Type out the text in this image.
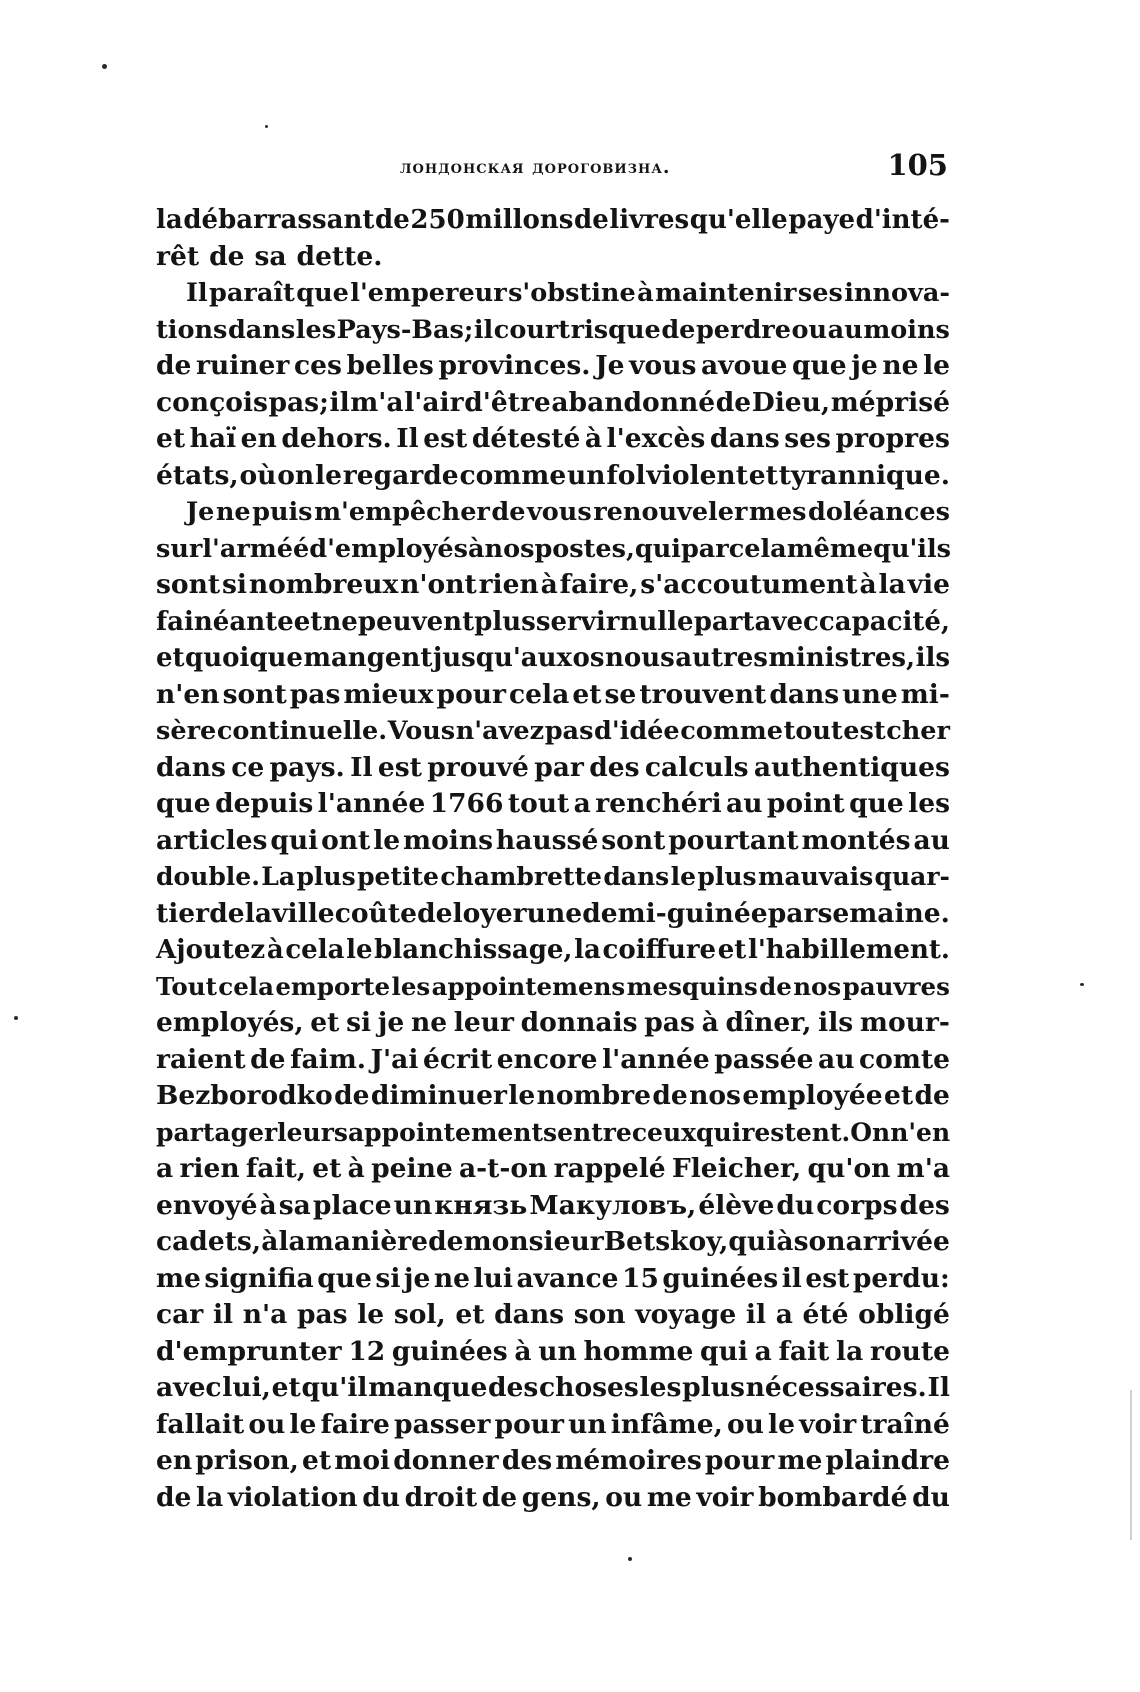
лондонская дороговизна.	105
la débarrassant de 250 millons de livres qu'elle paye d'inté-
rêt de sa dette.
Il paraît que l'empereur s'obstine à maintenir ses innova-
tions dans les Pays-Bas; il court risque de perdre ou au moins
de ruiner ces belles provinces. Je vous avoue que je ne le
conçois pas; il m'a l'air d'être abandonné de Dieu, méprisé
et haï en dehors. Il est détesté à l'excès dans ses propres
états, où on le regarde comme un fol violent et tyrannique.
Je ne puis m'empêcher de vous renouveler mes doléances
sur l'arméé d'employés à nos postes, qui par cela même qu'ils
sont si nombreux n'ont rien à faire, s'accoutument à la vie
fainéante et ne peuvent plus servir nulle part avec capacité,
et quoique mangent jusqu'aux os nous autres ministres, ils
n'en sont pas mieux pour cela et se trouvent dans une mi-
sère continuelle. Vous n'avez pas d'idée comme tout est cher
dans ce pays. Il est prouvé par des calculs authentiques
que depuis l'année 1766 tout a renchéri au point que les
articles qui ont le moins haussé sont pourtant montés au
double. La plus petite chambrette dans le plus mauvais quar-
tier de la ville coûte de loyer une demi-guinée par semaine.
Ajoutez à cela le blanchissage, la coiffure et l'habillement.
Tout cela emporte les appointemens mesquins de nos pauvres
employés, et si je ne leur donnais pas à dîner, ils mour-
raient de faim. J'ai écrit encore l'année passée au comte
Bezborodko de diminuer le nombre de nos employée et de
partager leurs appointements entre ceux qui restent. On n'en
a rien fait, et à peine a-t-on rappelé Fleicher, qu'on m'a
envoyé à sa place un князь Макуловъ, élève du corps des
cadets, à la manière de monsieur Betskoy, qui à son arrivée
me signifia que si je ne lui avance 15 guinées il est perdu:
car il n'a pas le sol, et dans son voyage il a été obligé
d'emprunter 12 guinées à un homme qui a fait la route
avec lui, et qu'il manque des choses les plus nécessaires. Il
fallait ou le faire passer pour un infâme, ou le voir traîné
en prison, et moi donner des mémoires pour me plaindre
de la violation du droit de gens, ou me voir bombardé du
